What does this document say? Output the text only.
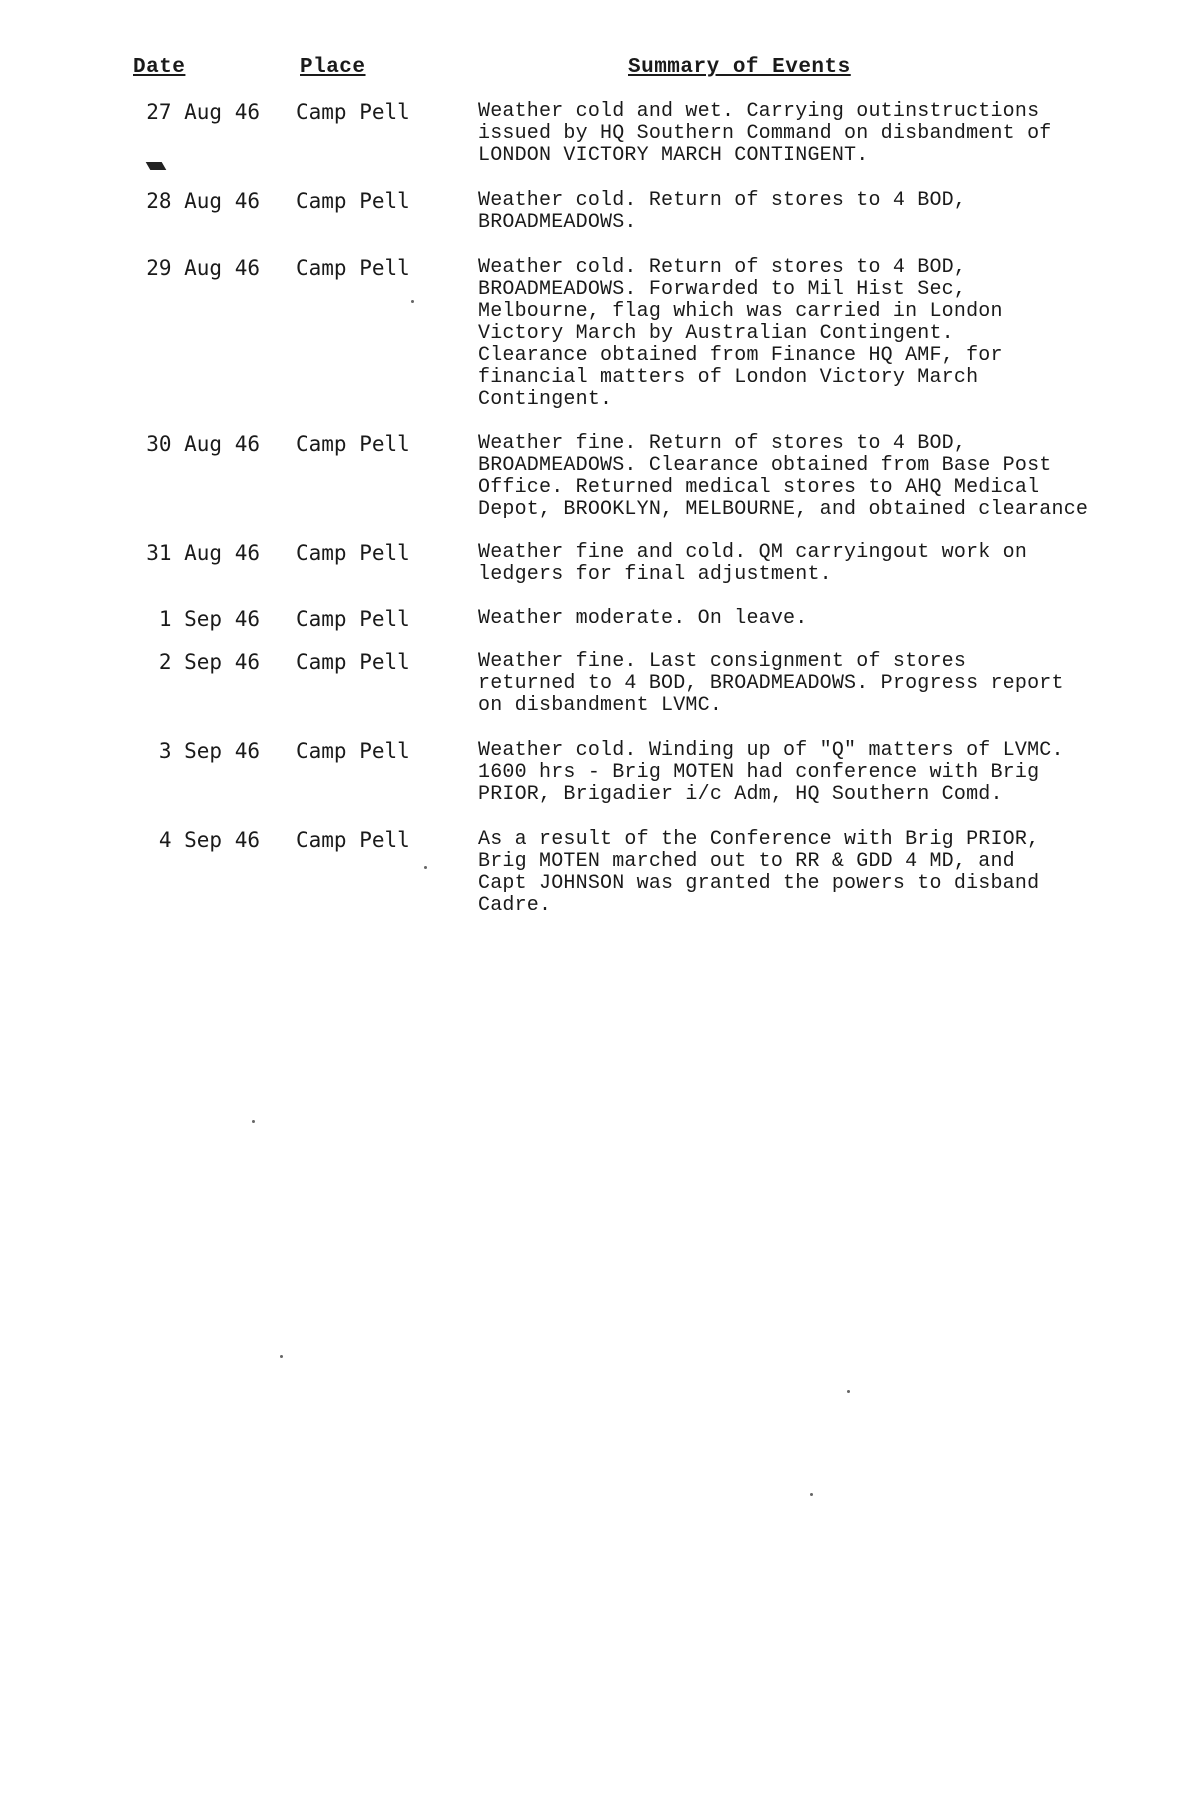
Date	Place	Summary of Events
27 Aug 46 Camp Pell	Weather cold and wet. Carrying outinstructions
issued by HQ Southern Command on disbandment of
LONDON VICTORY MARCH CONTINGENT.
28 Aug 46 Camp Pell	Weather cold. Return of stores to 4 BOD,
BROADMEADOWS.
29 Aug 46 Camp Pell	Weather cold. Return of stores to 4 BOD,
BROADMEADOWS. Forwarded to Mil Hist Sec,
Melbourne, flag which was carried in London
Victory March by Australian Contingent.
Clearance obtained from Finance HQ AMF, for
financial matters of London Victory March
Contingent.
30 Aug 46 Camp Pell	Weather fine. Return of stores to 4 BOD,
BROADMEADOWS. Clearance obtained from Base Post
Office. Returned medical stores to AHQ Medical
Depot, BROOKLYN, MELBOURNE, and obtained clearance
31 Aug 46 Camp Pell	Weather fine and cold. QM carryingout work on
ledgers for final adjustment.
1 Sep 46 Camp Pell	Weather moderate. On leave.
2 Sep 46 Camp Pell	Weather fine. Last consignment of stores
returned to 4 BOD, BROADMEADOWS. Progress report
on disbandment LVMC.
3 Sep 46 Camp Pell	Weather cold. Winding up of "Q" matters of LVMC.
1600 hrs - Brig MOTEN had conference with Brig
PRIOR, Brigadier i/c Adm, HQ Southern Comd.
4 Sep 46 Camp Pell	As a result of the Conference with Brig PRIOR,
Brig MOTEN marched out to RR & GDD 4 MD, and
Capt JOHNSON was granted the powers to disband
Cadre.
